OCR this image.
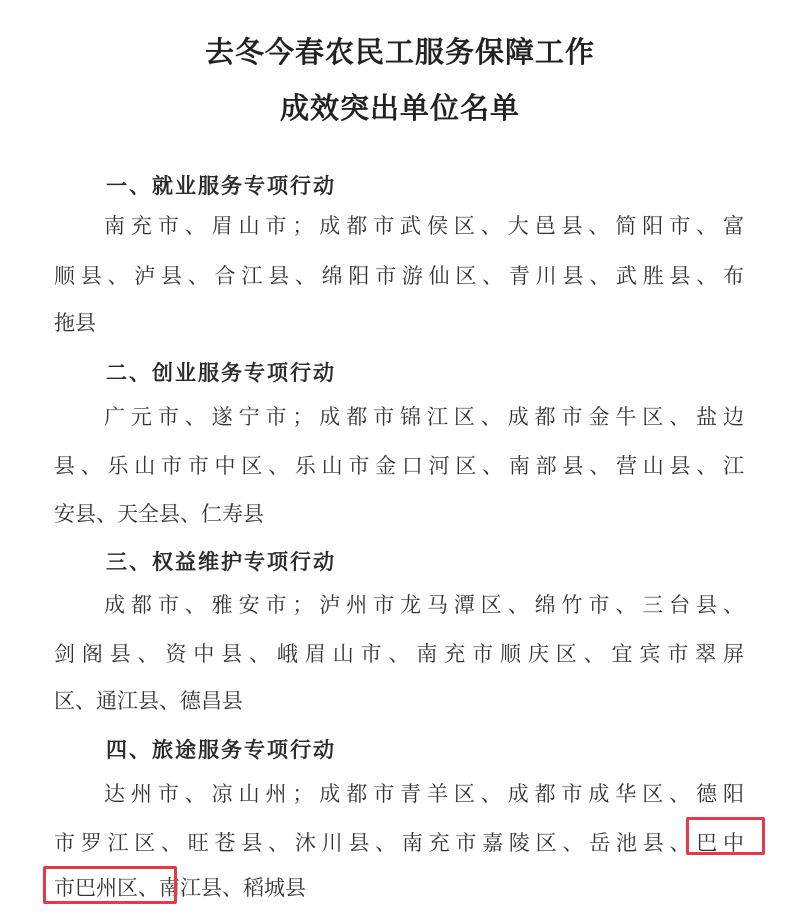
去冬今春农民工服务保障工作
成效突出单位名单
一、就业服务专项行动
南充市、眉山市；成都市武侯区、大邑县、简阳市、富
顺县、泸县、合江县、绵阳市游仙区、青川县、武胜县、布
拖县
二、创业服务专项行动
广元市、遂宁市；成都市锦江区、成都市金牛区、盐边
县、乐山市市中区、乐山市金口河区、南部县、营山县、江
安县、天全县、仁寿县
三、权益维护专项行动
成都市、雅安市；泸州市龙马潭区、绵竹市、三台县、
剑阁县、资中县、峨眉山市、南充市顺庆区、宜宾市翠屏
区、通江县、德昌县
四、旅途服务专项行动
达州市、凉山州；成都市青羊区、成都市成华区、德阳
市罗江区、旺苍县、沐川县、南充市嘉陵区、岳池县、巴中
市巴州区、南江县、稻城县
